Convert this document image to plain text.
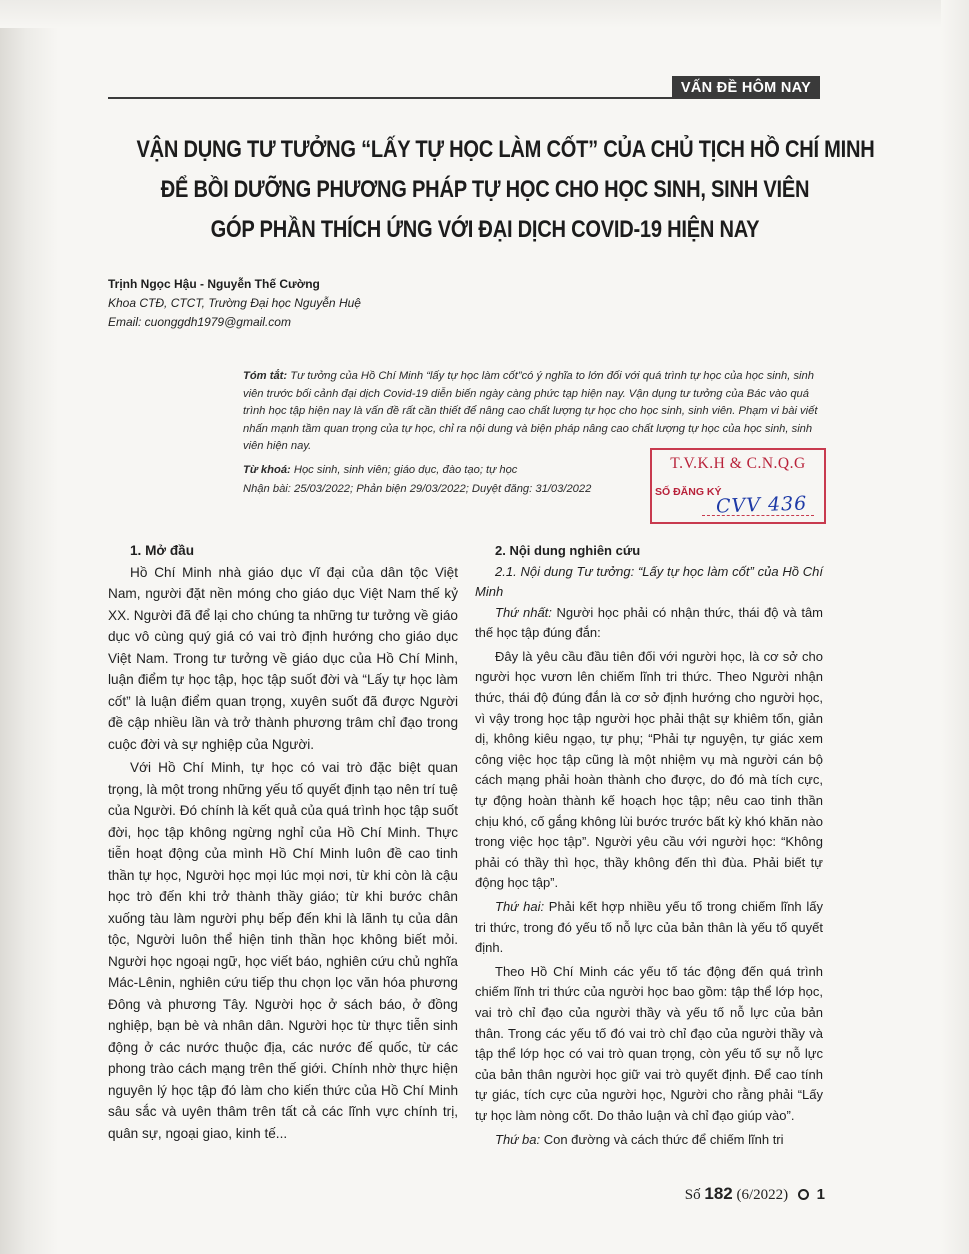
VẤN ĐỀ HÔM NAY
VẬN DỤNG TƯ TƯỞNG “LẤY TỰ HỌC LÀM CỐT” CỦA CHỦ TỊCH HỒ CHÍ MINH
ĐỂ BỒI DƯỠNG PHƯƠNG PHÁP TỰ HỌC CHO HỌC SINH, SINH VIÊN
GÓP PHẦN THÍCH ỨNG VỚI ĐẠI DỊCH COVID-19 HIỆN NAY
Trịnh Ngọc Hậu - Nguyễn Thế Cường
Khoa CTĐ, CTCT, Trường Đại học Nguyễn Huệ
Email: cuonggdh1979@gmail.com
Tóm tắt: Tư tưởng của Hồ Chí Minh “lấy tự học làm cốt”có ý nghĩa to lớn đối với quá trình tự học của học sinh, sinh viên trước bối cảnh đại dịch Covid-19 diễn biến ngày càng phức tạp hiện nay. Vận dụng tư tưởng của Bác vào quá trình học tập hiện nay là vấn đề rất cần thiết để nâng cao chất lượng tự học cho học sinh, sinh viên. Phạm vi bài viết nhấn mạnh tầm quan trọng của tự học, chỉ ra nội dung và biện pháp nâng cao chất lượng tự học của học sinh, sinh viên hiện nay.
Từ khoá: Học sinh, sinh viên; giáo dục, đào tạo; tự học
Nhận bài: 25/03/2022; Phản biện 29/03/2022; Duyệt đăng: 31/03/2022
T.V.K.H & C.N.Q.G
SỐ ĐĂNG KÝ
CVV 436
1. Mở đầu

Hồ Chí Minh nhà giáo dục vĩ đại của dân tộc Việt Nam, người đặt nền móng cho giáo dục Việt Nam thế kỷ XX. Người đã để lại cho chúng ta những tư tưởng về giáo dục vô cùng quý giá có vai trò định hướng cho giáo dục Việt Nam. Trong tư tưởng về giáo dục của Hồ Chí Minh, luận điểm tự học tập, học tập suốt đời và “Lấy tự học làm cốt” là luận điểm quan trọng, xuyên suốt đã được Người đề cập nhiều lần và trở thành phương trâm chỉ đạo trong cuộc đời và sự nghiệp của Người.

Với Hồ Chí Minh, tự học có vai trò đặc biệt quan trọng, là một trong những yếu tố quyết định tạo nên trí tuệ của Người. Đó chính là kết quả của quá trình học tập suốt đời, học tập không ngừng nghỉ của Hồ Chí Minh. Thực tiễn hoạt động của mình Hồ Chí Minh luôn đề cao tinh thần tự học, Người học mọi lúc mọi nơi, từ khi còn là cậu học trò đến khi trở thành thầy giáo; từ khi bước chân xuống tàu làm người phụ bếp đến khi là lãnh tụ của dân tộc, Người luôn thể hiện tinh thần học không biết mỏi. Người học ngoại ngữ, học viết báo, nghiên cứu chủ nghĩa Mác-Lênin, nghiên cứu tiếp thu chọn lọc văn hóa phương Đông và phương Tây. Người học ở sách báo, ở đồng nghiệp, bạn bè và nhân dân. Người học từ thực tiễn sinh động ở các nước thuộc địa, các nước đế quốc, từ các phong trào cách mạng trên thế giới. Chính nhờ thực hiện nguyên lý học tập đó làm cho kiến thức của Hồ Chí Minh sâu sắc và uyên thâm trên tất cả các lĩnh vực chính trị, quân sự, ngoại giao, kinh tế...

2. Nội dung nghiên cứu
2.1. Nội dung Tư tưởng: “Lấy tự học làm cốt” của Hồ Chí Minh

Thứ nhất: Người học phải có nhận thức, thái độ và tâm thế học tập đúng đắn:

Đây là yêu cầu đầu tiên đối với người học, là cơ sở cho người học vươn lên chiếm lĩnh tri thức. Theo Người nhận thức, thái độ đúng đắn là cơ sở định hướng cho người học, vì vậy trong học tập người học phải thật sự khiêm tốn, giản dị, không kiêu ngạo, tự phụ; “Phải tự nguyện, tự giác xem công việc học tập cũng là một nhiệm vụ mà người cán bộ cách mạng phải hoàn thành cho được, do đó mà tích cực, tự động hoàn thành kế hoạch học tập; nêu cao tinh thần chịu khó, cố gắng không lùi bước trước bất kỳ khó khăn nào trong việc học tập”. Người yêu cầu với người học: “Không phải có thầy thì học, thầy không đến thì đùa. Phải biết tự động học tập”.

Thứ hai: Phải kết hợp nhiều yếu tố trong chiếm lĩnh lấy tri thức, trong đó yếu tố nỗ lực của bản thân là yếu tố quyết định.

Theo Hồ Chí Minh các yếu tố tác động đến quá trình chiếm lĩnh tri thức của người học bao gồm: tập thể lớp học, vai trò chỉ đạo của người thầy và yếu tố nỗ lực của bản thân. Trong các yếu tố đó vai trò chỉ đạo của người thầy và tập thể lớp học có vai trò quan trọng, còn yếu tố sự nỗ lực của bản thân người học giữ vai trò quyết định. Để cao tính tự giác, tích cực của người học, Người cho rằng phải “Lấy tự học làm nòng cốt. Do thảo luận và chỉ đạo giúp vào”.

Thứ ba: Con đường và cách thức để chiếm lĩnh tri

Số 182 (6/2022) 1
